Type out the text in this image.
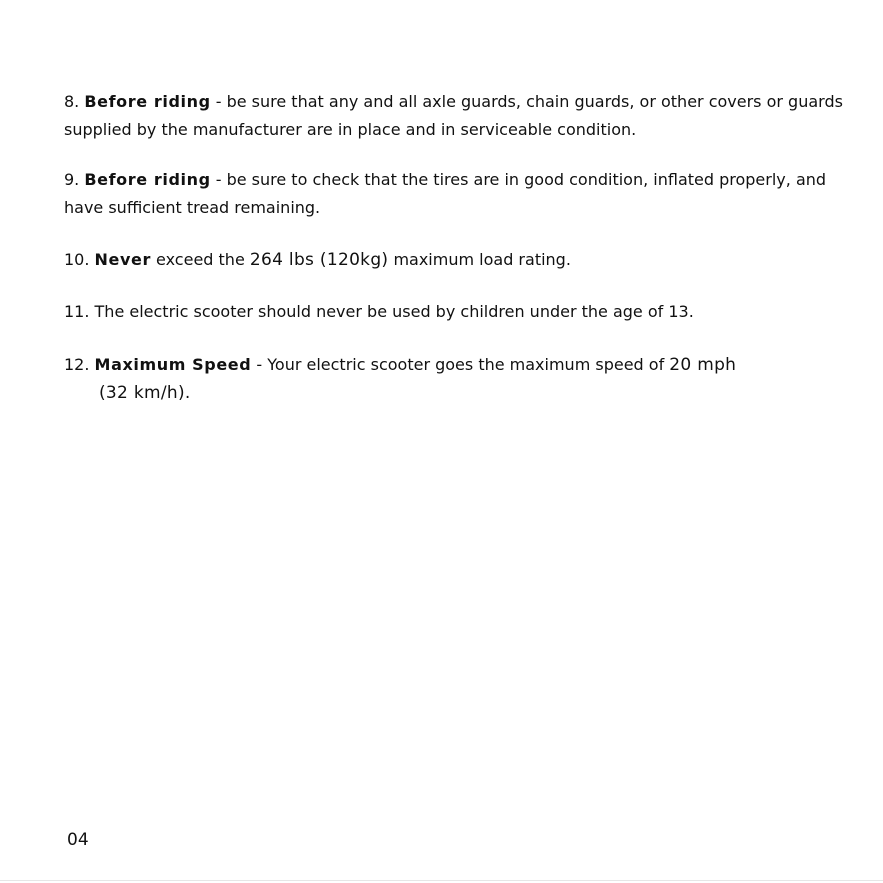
8. Before riding - be sure that any and all axle guards, chain guards, or other covers or guards supplied by the manufacturer are in place and in serviceable condition.
9. Before riding - be sure to check that the tires are in good condition, inflated properly, and have sufficient tread remaining.
10. Never exceed the 264 lbs (120kg) maximum load rating.
11. The electric scooter should never be used by children under the age of 13.
12. Maximum Speed - Your electric scooter goes the maximum speed of 20 mph
(32 km/h).
04
